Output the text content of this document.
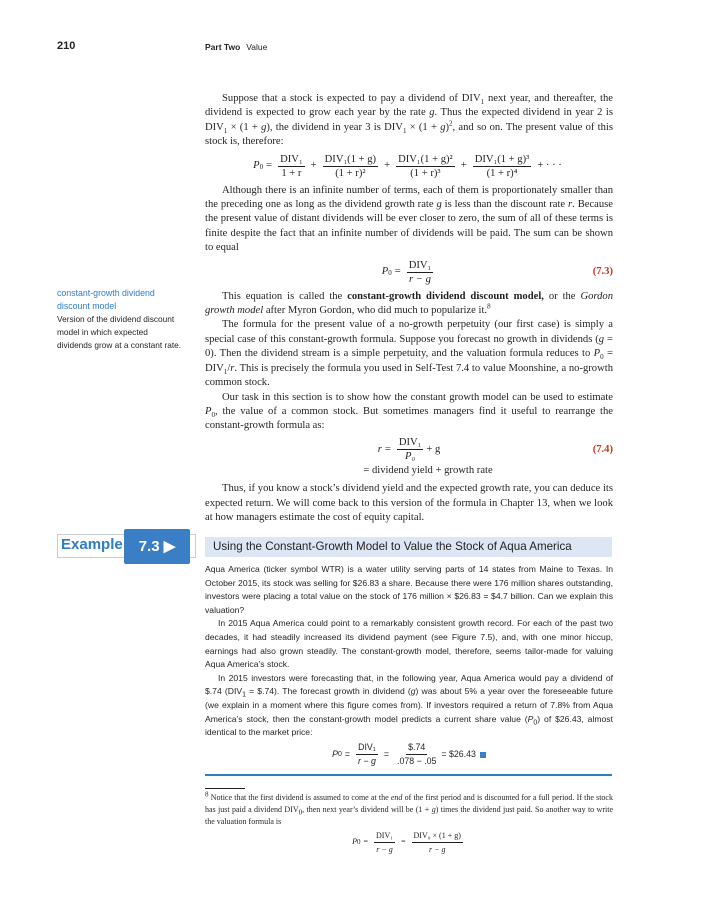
210	Part Two Value

Suppose that a stock is expected to pay a dividend of $DIV_1$ next year, and thereafter, the dividend is expected to grow each year by the rate g. Thus the expected dividend in year 2 is $DIV_1 \times (1 + g)$, the dividend in year 3 is $DIV_1 \times (1 + g)^2$, and so on. The present value of this stock is, therefore:

P $0 = \frac{\text{DIV₁}}{1 + r} + \frac{\text{DIV₁(1 + g)}}{\text{(1 + r)²}} + \frac{\text{DIV₁(1 + g)²}}{\text{(1 + r)³}} + \frac{\text{DIV₁(1 + g)³}}{\text{(1 + r)⁴}}$ + · · ·

Although there is an infinite number of terms, each of them is proportionately smaller than the preceding one as long as the dividend growth rate g is less than the discount rate r. Because the present value of distant dividends will be ever closer to zero, the sum of all of these terms is finite despite the fact that an infinite number of dividends will be paid. The sum can be shown to equal

P $0 = \frac{\text{DIV₁}}{r - g}$	(7.3)

This equation is called the constant-growth dividend discount model, or the Gordon growth model after Myron Gordon, who did much to popularize it.$^8$

The formula for the present value of a no-growth perpetuity (our first case) is simply a special case of this constant-growth formula. Suppose you forecast no growth in dividends (g = 0). Then the dividend stream is a simple perpetuity, and the valuation formula reduces to $P_0 = DIV_1/r$. This is precisely the formula you used in Self-Test 7.4 to value Moonshine, a no-growth common stock.

Our task in this section is to show how the constant growth model can be used to estimate $P_0$, the value of a common stock. But sometimes managers find it useful to rearrange the constant-growth formula as:

$r = \frac{\text{DIV₁}}{\text{P₀}} + g$	(7.4)
= dividend yield + growth rate

Thus, if you know a stock’s dividend yield and the expected growth rate, you can deduce its expected return. We will come back to this version of the formula in Chapter 13, when we look at how managers estimate the cost of equity capital.

constant-growth dividend discount model
Version of the dividend discount model in which expected dividends grow at a constant rate.
Example	7.3 ▶	Using the Constant-Growth Model to Value the Stock of Aqua America

Aqua America (ticker symbol WTR) is a water utility serving parts of 14 states from Maine to Texas. In October 2015, its stock was selling for $26.83 a share. Because there were 176 million shares outstanding, investors were placing a total value on the stock of 176 million × $26.83 = $4.7 billion. Can we explain this valuation?

In 2015 Aqua America could point to a remarkably consistent growth record. For each of the past two decades, it had steadily increased its dividend payment (see Figure 7.5), and, with one minor hiccup, earnings had also grown steadily. The constant-growth model, therefore, seems tailor-made for valuing Aqua America’s stock.

In 2015 investors were forecasting that, in the following year, Aqua America would pay a dividend of $.74 ($DIV_1$ = $.74). The forecast growth in dividend (g) was about 5% a year over the foreseeable future (we explain in a moment where this figure comes from). If investors required a return of 7.8% from Aqua America’s stock, then the constant-growth model predicts a current share value $(P_0)$ of $26.43, almost identical to the market price:

P $0 = \frac{\text{DIV₁}}{r - g} = \frac{\$.74}{.078 - .05}$ = $26.43
$^8$ Notice that the first dividend is assumed to come at the end of the first period and is discounted for a full period. If the stock has just paid a dividend $DIV_0$, then next year’s dividend will be (1 + g) times the dividend just paid. So another way to write the valuation formula is
P $0 = \frac{\text{DIV₁}}{r - g} = \frac{\text{DIV₀ × (1 + g)}}{r - g}$
